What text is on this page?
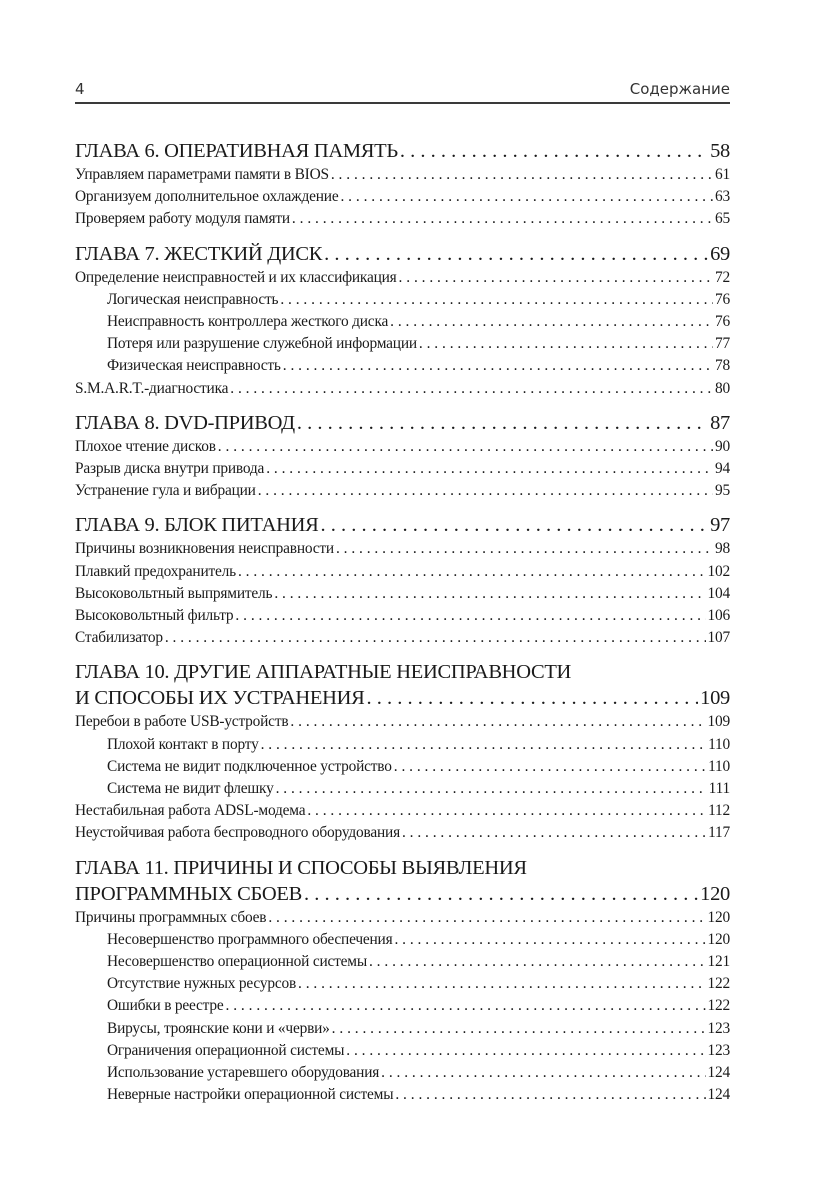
4	Содержание
ГЛАВА 6. ОПЕРАТИВНАЯ ПАМЯТЬ . . .	58
Управляем параметрами памяти в BIOS . . .	61
Организуем дополнительное охлаждение . . .	63
Проверяем работу модуля памяти . . .	65
ГЛАВА 7. ЖЕСТКИЙ ДИСК . . .	69
Определение неисправностей и их классификация . . .	72
Логическая неисправность . . .	76
Неисправность контроллера жесткого диска . . .	76
Потеря или разрушение служебной информации . . .	77
Физическая неисправность . . .	78
S.M.A.R.T.-диагностика . . .	80
ГЛАВА 8. DVD-ПРИВОД . . .	87
Плохое чтение дисков . . .	90
Разрыв диска внутри привода . . .	94
Устранение гула и вибрации . . .	95
ГЛАВА 9. БЛОК ПИТАНИЯ . . .	97
Причины возникновения неисправности . . .	98
Плавкий предохранитель . . .	102
Высоковольтный выпрямитель . . .	104
Высоковольтный фильтр . . .	106
Стабилизатор . . .	107
ГЛАВА 10. ДРУГИЕ АППАРАТНЫЕ НЕИСПРАВНОСТИ
И СПОСОБЫ ИХ УСТРАНЕНИЯ . . .	109
Перебои в работе USB-устройств . . .	109
Плохой контакт в порту . . .	110
Система не видит подключенное устройство . . .	110
Система не видит флешку . . .	111
Нестабильная работа ADSL-модема . . .	112
Неустойчивая работа беспроводного оборудования . . .	117
ГЛАВА 11. ПРИЧИНЫ И СПОСОБЫ ВЫЯВЛЕНИЯ
ПРОГРАММНЫХ СБОЕВ . . .	120
Причины программных сбоев . . .	120
Несовершенство программного обеспечения . . .	120
Несовершенство операционной системы . . .	121
Отсутствие нужных ресурсов . . .	122
Ошибки в реестре . . .	122
Вирусы, троянские кони и «черви» . . .	123
Ограничения операционной системы . . .	123
Использование устаревшего оборудования . . .	124
Неверные настройки операционной системы . . .	124
